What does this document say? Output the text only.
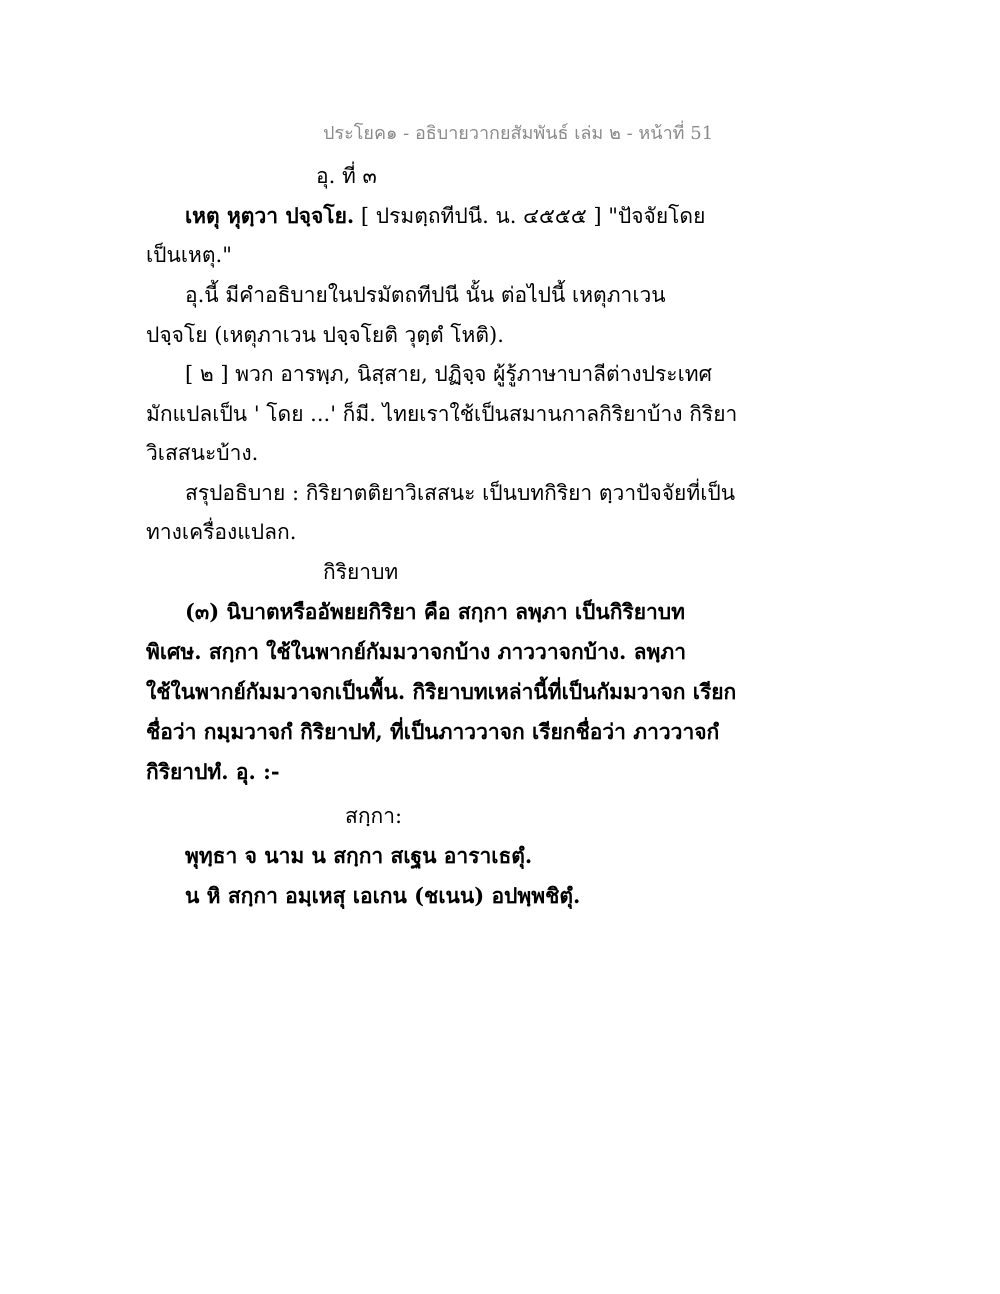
ประโยค๑ - อธิบายวากยสัมพันธ์ เล่ม ๒ - หน้าที่ 51
อุ. ที่ ๓
เหตุ หุตฺวา ปจฺจโย. [ ปรมตฺถทีปนี. น. ๔๕๕๕ ] "ปัจจัยโดย
เป็นเหตุ."
อุ.นี้ มีคำอธิบายในปรมัตถทีปนี นั้น ต่อไปนี้ เหตุภาเวน
ปจฺจโย (เหตุภาเวน ปจฺจโยติ วุตฺตํ โหติ).
[ ๒ ] พวก อารพฺภ, นิสฺสาย, ปฏิจฺจ ผู้รู้ภาษาบาลีต่างประเทศ
มักแปลเป็น ' โดย ...' ก็มี. ไทยเราใช้เป็นสมานกาลกิริยาบ้าง กิริยา
วิเสสนะบ้าง.
สรุปอธิบาย : กิริยาตติยาวิเสสนะ เป็นบทกิริยา ตฺวาปัจจัยที่เป็น
ทางเครื่องแปลก.
กิริยาบท
(๓) นิบาตหรืออัพยยกิริยา คือ สกฺกา ลพฺภา เป็นกิริยาบท
พิเศษ. สกฺกา ใช้ในพากย์กัมมวาจกบ้าง ภาววาจกบ้าง. ลพฺภา
ใช้ในพากย์กัมมวาจกเป็นพื้น. กิริยาบทเหล่านี้ที่เป็นกัมมวาจก เรียก
ชื่อว่า กมฺมวาจกํ กิริยาปทํ, ที่เป็นภาววาจก เรียกชื่อว่า ภาววาจกํ
กิริยาปทํ. อุ. :-
สกฺกา:
พุทฺธา จ นาม น สกฺกา สเฐน อาราเธตุํ.
น หิ สกฺกา อมฺเหสุ เอเกน (ชเนน) อปพฺพชิตุํ.
